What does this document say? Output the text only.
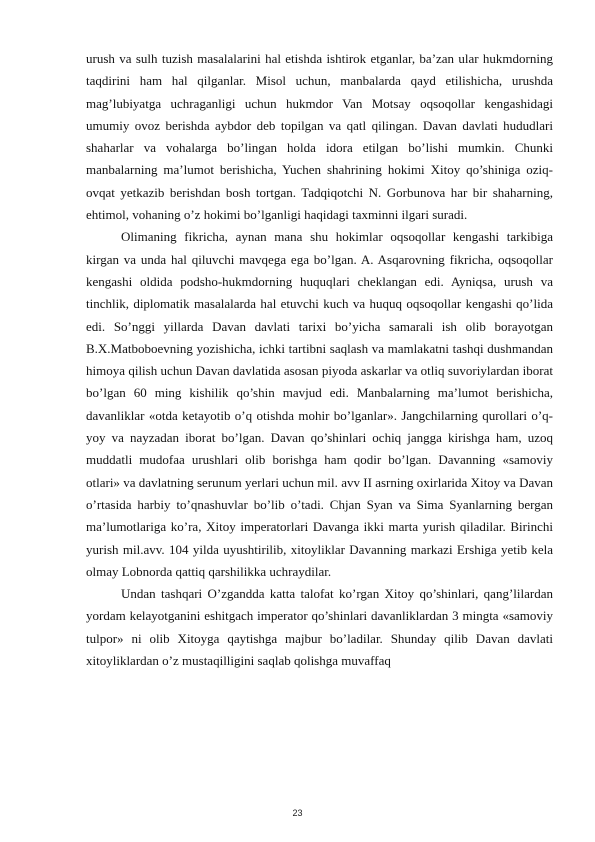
urush va sulh tuzish masalalarini hal etishda ishtirok etganlar, ba’zan ular hukmdorning taqdirini ham hal qilganlar. Misol uchun, manbalarda qayd etilishicha, urushda mag’lubiyatga uchraganligi uchun hukmdor Van Motsay oqsoqollar kengashidagi umumiy ovoz berishda aybdor deb topilgan va qatl qilingan. Davan davlati hududlari shaharlar va vohalarga bo’lingan holda idora etilgan bo’lishi mumkin. Chunki manbalarning ma’lumot berishicha, Yuchen shahrining hokimi Xitoy qo’shiniga oziq-ovqat yetkazib berishdan bosh tortgan. Tadqiqotchi N. Gorbunova har bir shaharning, ehtimol, vohaning o’z hokimi bo’lganligi haqidagi taxminni ilgari suradi.

Olimaning fikricha, aynan mana shu hokimlar oqsoqollar kengashi tarkibiga kirgan va unda hal qiluvchi mavqega ega bo’lgan. A. Asqarovning fikricha, oqsoqollar kengashi oldida podsho-hukmdorning huquqlari cheklangan edi. Ayniqsa, urush va tinchlik, diplomatik masalalarda hal etuvchi kuch va huquq oqsoqollar kengashi qo’lida edi. So’nggi yillarda Davan davlati tarixi bo’yicha samarali ish olib borayotgan B.X.Matboboevning yozishicha, ichki tartibni saqlash va mamlakatni tashqi dushmandan himoya qilish uchun Davan davlatida asosan piyoda askarlar va otliq suvoriylardan iborat bo’lgan 60 ming kishilik qo’shin mavjud edi. Manbalarning ma’lumot berishicha, davanliklar «otda ketayotib o’q otishda mohir bo’lganlar». Jangchilarning qurollari o’q-yoy va nayzadan iborat bo’lgan. Davan qo’shinlari ochiq jangga kirishga ham, uzoq muddatli mudofaa urushlari olib borishga ham qodir bo’lgan. Davanning «samoviy otlari» va davlatning serunum yerlari uchun mil. avv II asrning oxirlarida Xitoy va Davan o’rtasida harbiy to’qnashuvlar bo’lib o’tadi. Chjan Syan va Sima Syanlarning bergan ma’lumotlariga ko’ra, Xitoy imperatorlari Davanga ikki marta yurish qiladilar. Birinchi yurish mil.avv. 104 yilda uyushtirilib, xitoyliklar Davanning markazi Ershiga yetib kela olmay Lobnorda qattiq qarshilikka uchraydilar.

Undan tashqari O’zgandda katta talofat ko’rgan Xitoy qo’shinlari, qang’lilardan yordam kelayotganini eshitgach imperator qo’shinlari davanliklardan 3 mingta «samoviy tulpor» ni olib Xitoyga qaytishga majbur bo’ladilar. Shunday qilib Davan davlati xitoyliklardan o’z mustaqilligini saqlab qolishga muvaffaq

23
